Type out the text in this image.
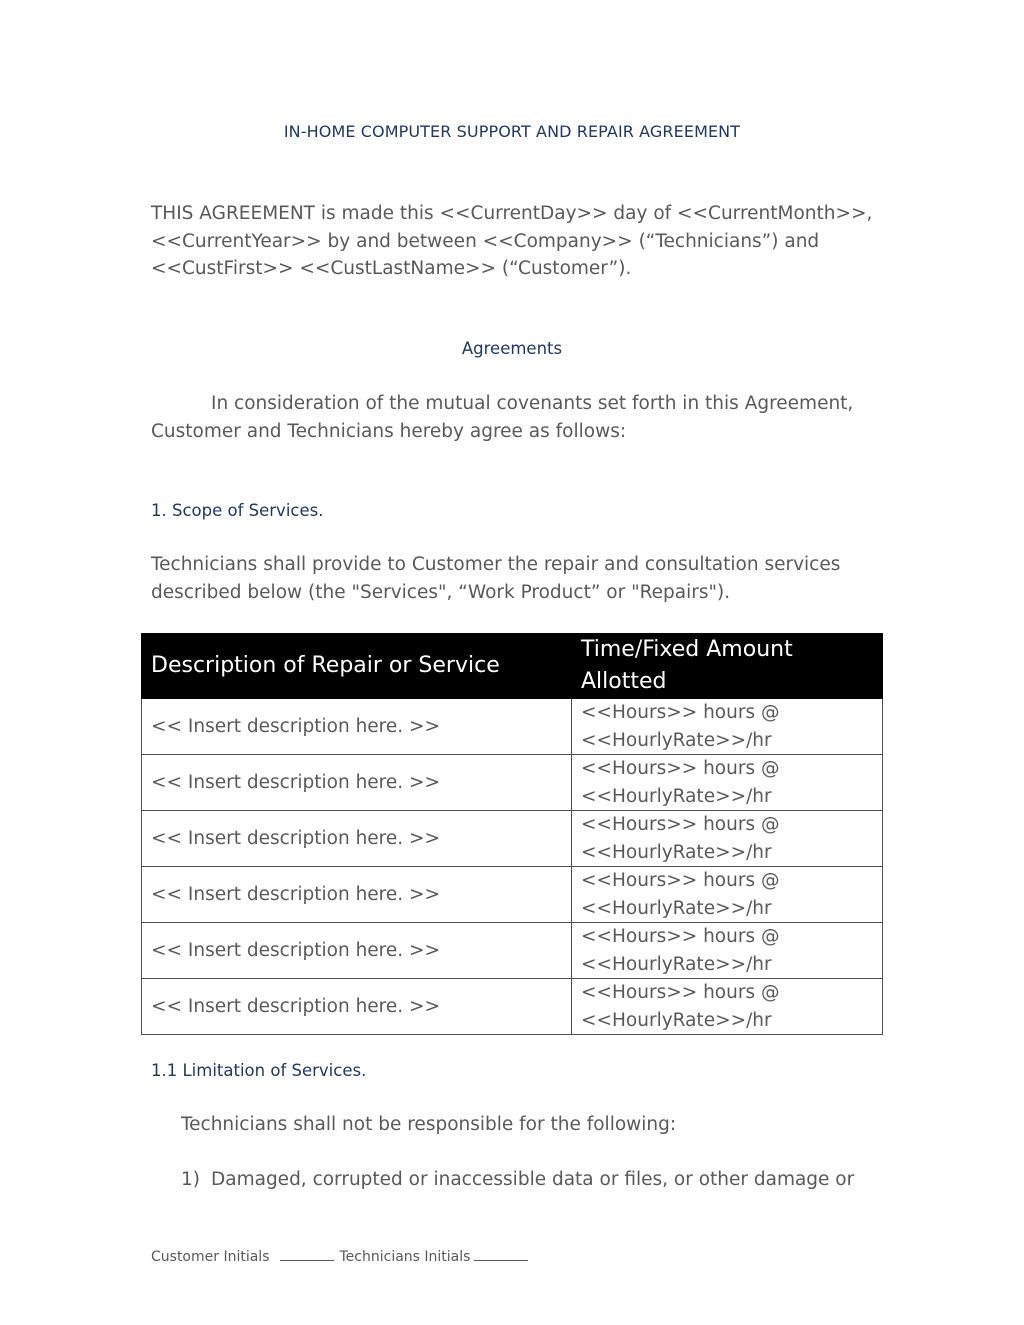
IN-HOME COMPUTER SUPPORT AND REPAIR AGREEMENT
THIS AGREEMENT is made this <<CurrentDay>> day of <<CurrentMonth>>,
<<CurrentYear>> by and between <<Company>> (“Technicians”) and
<<CustFirst>> <<CustLastName>> (“Customer”).
Agreements
In consideration of the mutual covenants set forth in this Agreement,
Customer and Technicians hereby agree as follows:
1. Scope of Services.
Technicians shall provide to Customer the repair and consultation services
described below (the "Services", “Work Product” or "Repairs").
Description of Repair or Service	Time/Fixed Amount
Allotted

<< Insert description here. >>	<<Hours>> hours @
<<HourlyRate>>/hr

<< Insert description here. >>	<<Hours>> hours @
<<HourlyRate>>/hr

<< Insert description here. >>	<<Hours>> hours @
<<HourlyRate>>/hr

<< Insert description here. >>	<<Hours>> hours @
<<HourlyRate>>/hr

<< Insert description here. >>	<<Hours>> hours @
<<HourlyRate>>/hr

<< Insert description here. >>	<<Hours>> hours @
<<HourlyRate>>/hr
1.1 Limitation of Services.
Technicians shall not be responsible for the following:
1) Damaged, corrupted or inaccessible data or files, or other damage or
Customer Initials	Technicians Initials
